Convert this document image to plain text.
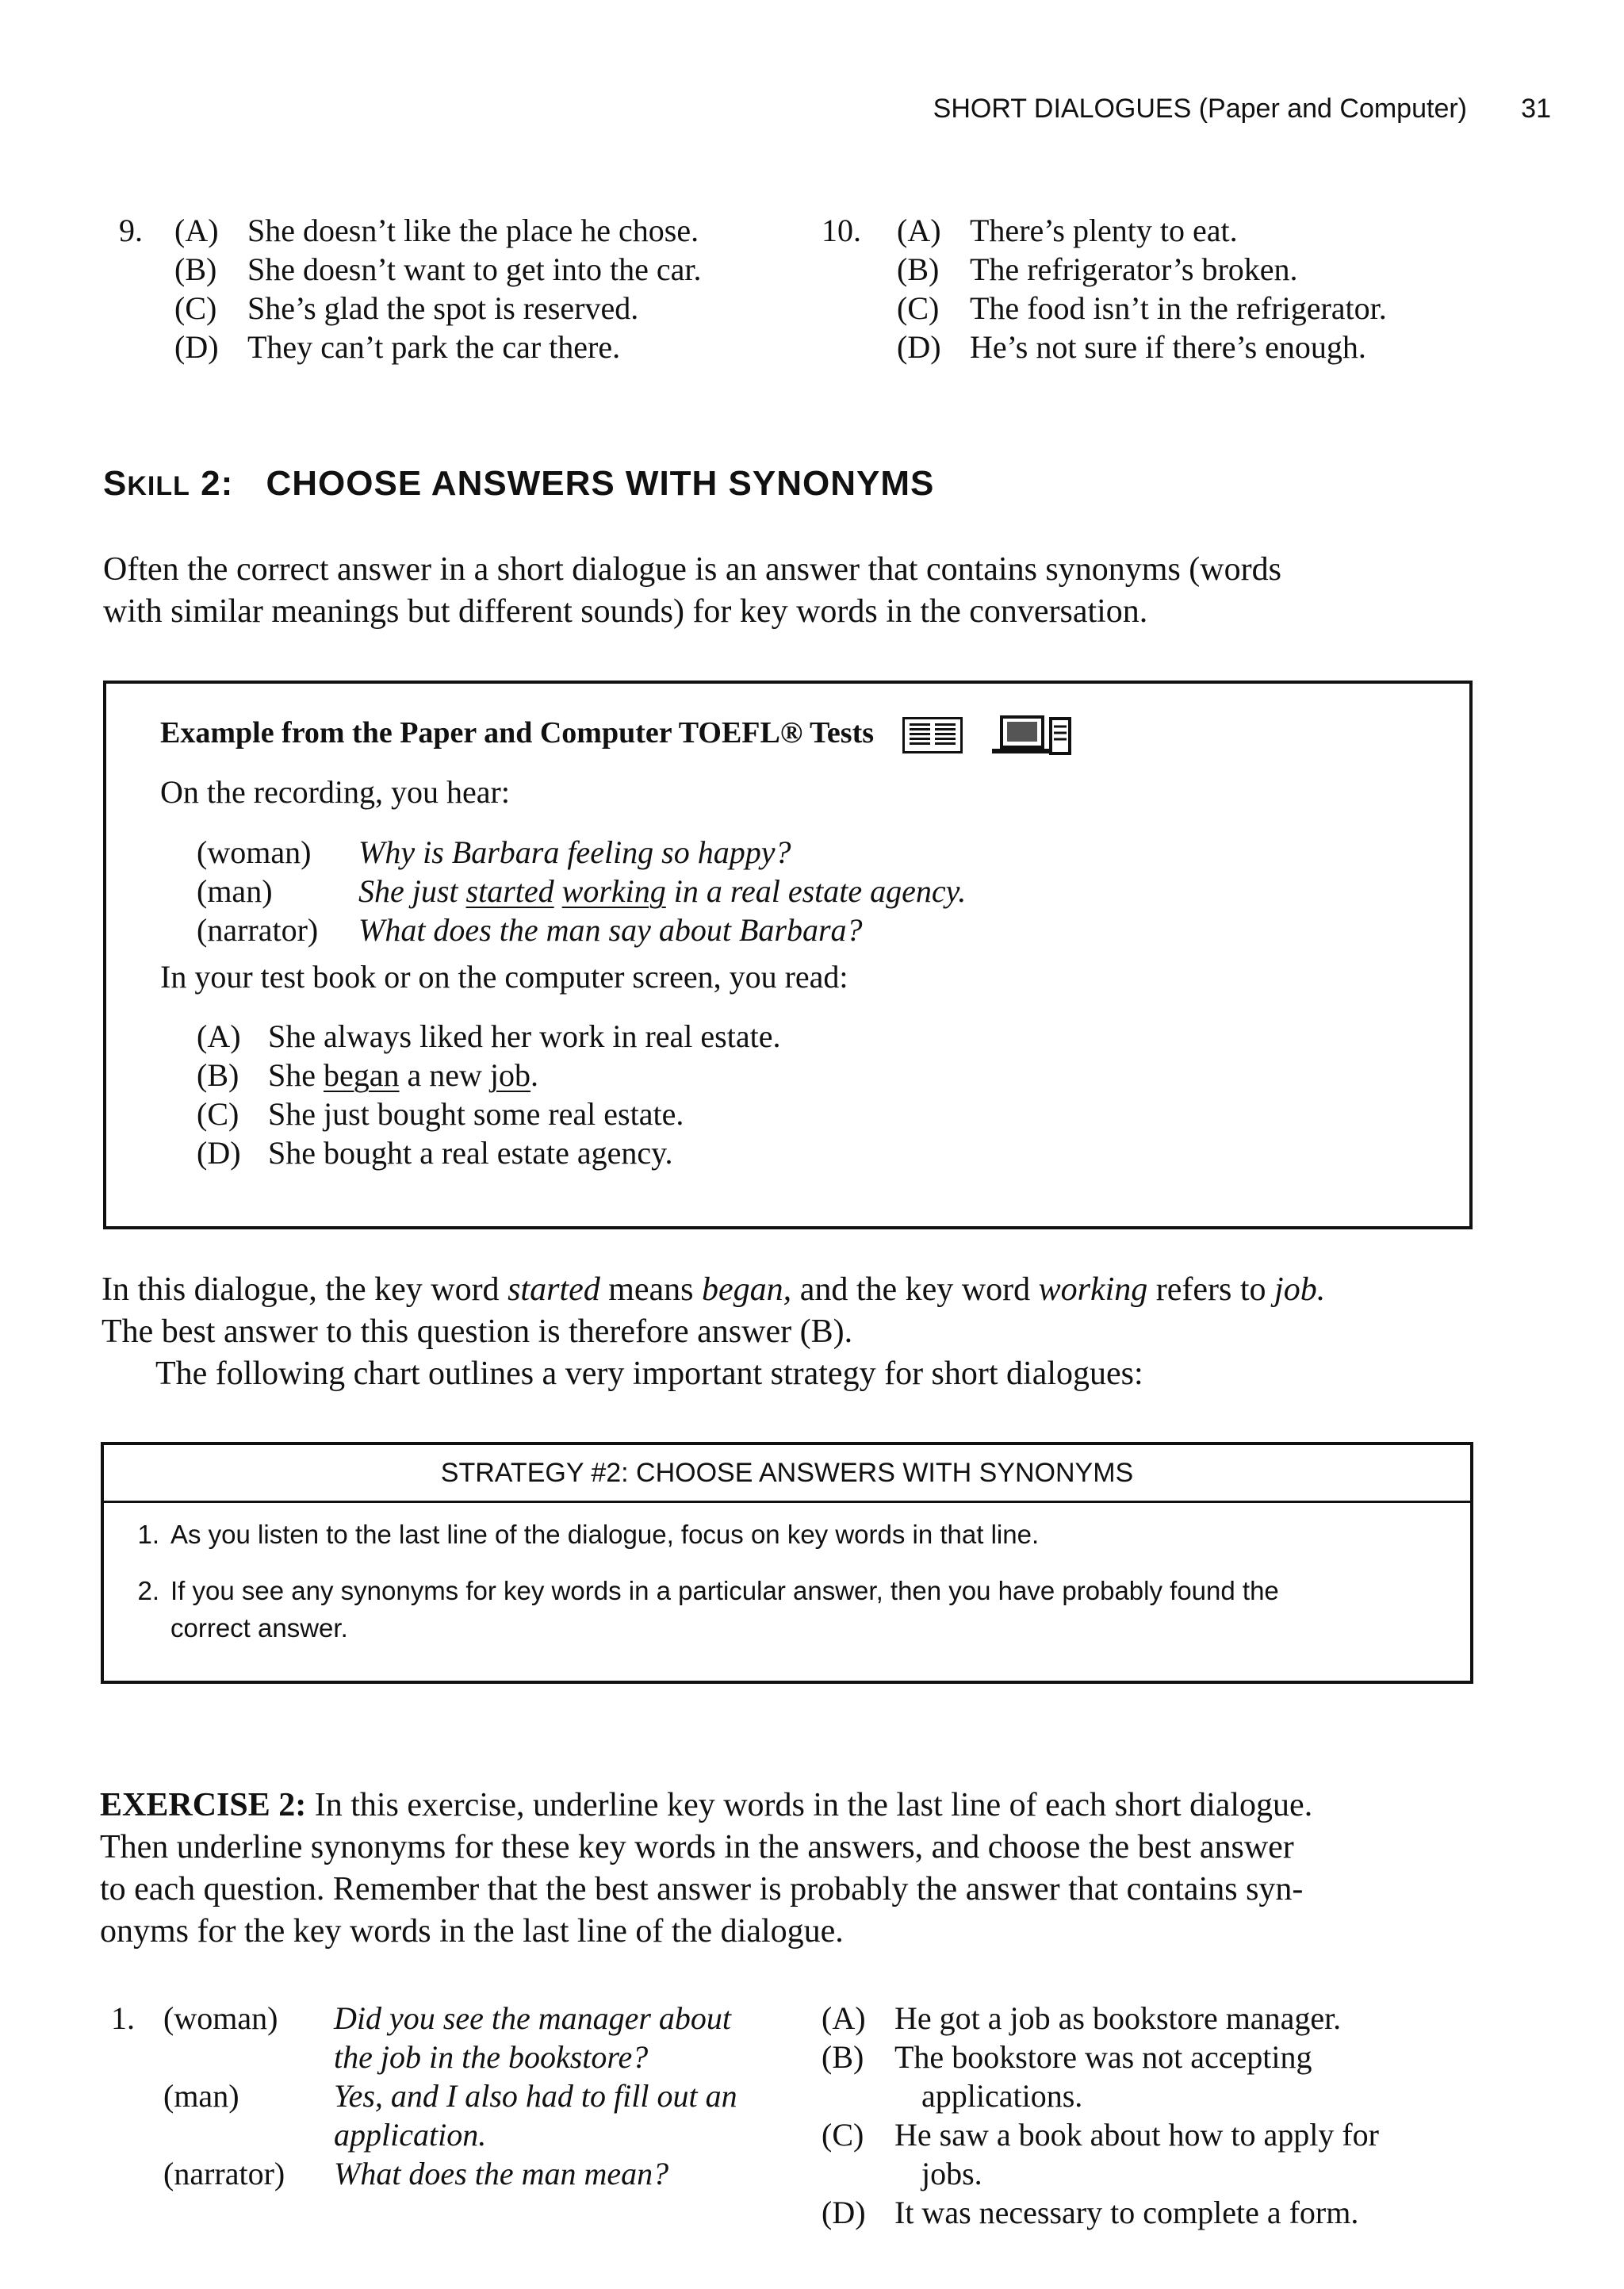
SHORT DIALOGUES (Paper and Computer) 31
9.	(A) She doesn’t like the place he chose.
(B) She doesn’t want to get into the car.
(C) She’s glad the spot is reserved.
(D) They can’t park the car there.
10.	(A) There’s plenty to eat.
(B) The refrigerator’s broken.
(C) The food isn’t in the refrigerator.
(D) He’s not sure if there’s enough.
SKILL 2: CHOOSE ANSWERS WITH SYNONYMS
Often the correct answer in a short dialogue is an answer that contains synonyms (words
with similar meanings but different sounds) for key words in the conversation.
Example from the Paper and Computer TOEFL® Tests
On the recording, you hear:
(woman)	Why is Barbara feeling so happy?
(man)	She just started working in a real estate agency.
(narrator)	What does the man say about Barbara?
In your test book or on the computer screen, you read:
(A) She always liked her work in real estate.
(B) She began a new job.
(C) She just bought some real estate.
(D) She bought a real estate agency.
In this dialogue, the key word started means began, and the key word working refers to job.
The best answer to this question is therefore answer (B).
The following chart outlines a very important strategy for short dialogues:
STRATEGY #2: CHOOSE ANSWERS WITH SYNONYMS
1. As you listen to the last line of the dialogue, focus on key words in that line.
2. If you see any synonyms for key words in a particular answer, then you have probably found the
correct answer.
EXERCISE 2: In this exercise, underline key words in the last line of each short dialogue.
Then underline synonyms for these key words in the answers, and choose the best answer
to each question. Remember that the best answer is probably the answer that contains syn-
onyms for the key words in the last line of the dialogue.
1. (woman)	Did you see the manager about
the job in the bookstore?
(man)	Yes, and I also had to fill out an
application.
(narrator)	What does the man mean?
(A) He got a job as bookstore manager.
(B) The bookstore was not accepting
applications.
(C) He saw a book about how to apply for
jobs.
(D) It was necessary to complete a form.
